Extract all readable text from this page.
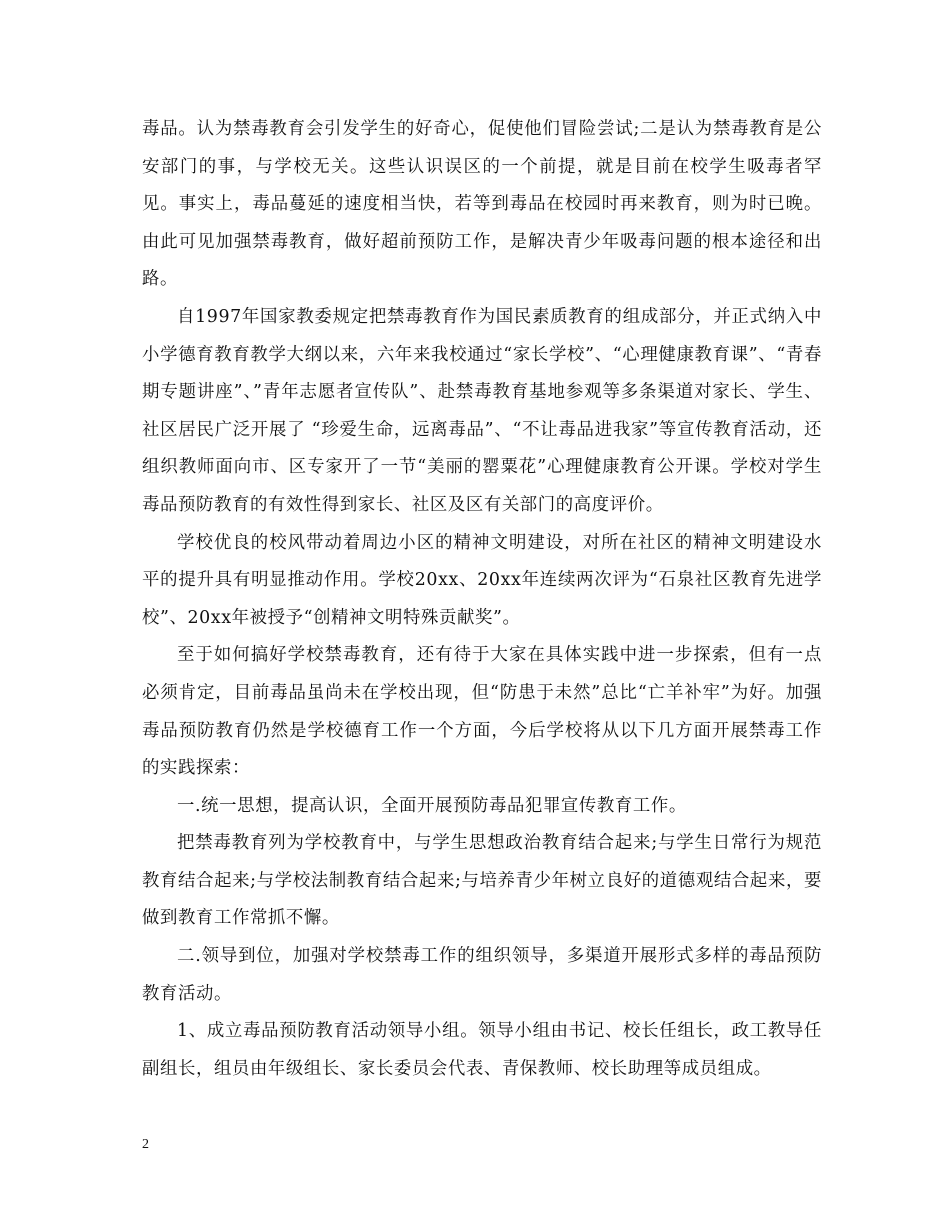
毒品。认为禁毒教育会引发学生的好奇心，促使他们冒险尝试;二是认为禁毒教育是公安部门的事，与学校无关。这些认识误区的一个前提，就是目前在校学生吸毒者罕见。事实上，毒品蔓延的速度相当快，若等到毒品在校园时再来教育，则为时已晚。由此可见加强禁毒教育，做好超前预防工作，是解决青少年吸毒问题的根本途径和出路。

自1997年国家教委规定把禁毒教育作为国民素质教育的组成部分，并正式纳入中小学德育教育教学大纲以来，六年来我校通过“家长学校”、“心理健康教育课”、“青春期专题讲座”、”青年志愿者宣传队”、赴禁毒教育基地参观等多条渠道对家长、学生、社区居民广泛开展了 “珍爱生命，远离毒品”、“不让毒品进我家”等宣传教育活动，还组织教师面向市、区专家开了一节“美丽的罂粟花”心理健康教育公开课。学校对学生毒品预防教育的有效性得到家长、社区及区有关部门的高度评价。

学校优良的校风带动着周边小区的精神文明建设，对所在社区的精神文明建设水平的提升具有明显推动作用。学校20xx、20xx年连续两次评为“石泉社区教育先进学校”、20xx年被授予“创精神文明特殊贡献奖”。

至于如何搞好学校禁毒教育，还有待于大家在具体实践中进一步探索，但有一点必须肯定，目前毒品虽尚未在学校出现，但“防患于未然”总比“亡羊补牢”为好。加强毒品预防教育仍然是学校德育工作一个方面，今后学校将从以下几方面开展禁毒工作的实践探索：

一.统一思想，提高认识，全面开展预防毒品犯罪宣传教育工作。

把禁毒教育列为学校教育中，与学生思想政治教育结合起来;与学生日常行为规范教育结合起来;与学校法制教育结合起来;与培养青少年树立良好的道德观结合起来，要做到教育工作常抓不懈。

二.领导到位，加强对学校禁毒工作的组织领导，多渠道开展形式多样的毒品预防教育活动。

1、成立毒品预防教育活动领导小组。领导小组由书记、校长任组长，政工教导任副组长，组员由年级组长、家长委员会代表、青保教师、校长助理等成员组成。

2
